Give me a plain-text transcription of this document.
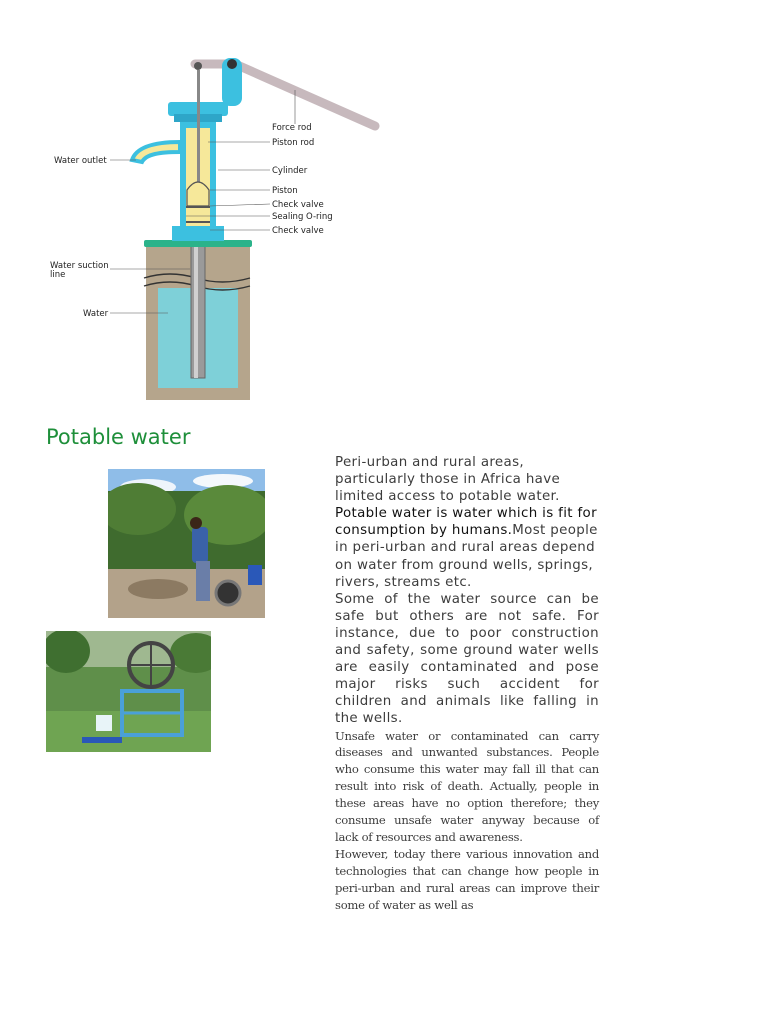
Force rod
Piston rod
Cylinder
Piston
Check valve
Sealing O-ring
Check valve
Water outlet
Water suction
line
Water
Potable water

Peri-urban and rural areas, particularly those in Africa have limited access to potable water. Potable water is water which is fit for consumption by humans.Most people in peri-urban and rural areas depend on water from ground wells, springs, rivers, streams etc.

Some of the water source can be safe but others are not safe. For instance, due to poor construction and safety, some ground water wells are easily contaminated and pose major risks such accident for children and animals like falling in the wells.

Unsafe water or contaminated can carry diseases and unwanted substances. People who consume this water may fall ill that can result into risk of death. Actually, people in these areas have no option therefore; they consume unsafe water anyway because of lack of resources and awareness.

However, today there various innovation and technologies that can change how people in peri-urban and rural areas can improve their some of water as well as
